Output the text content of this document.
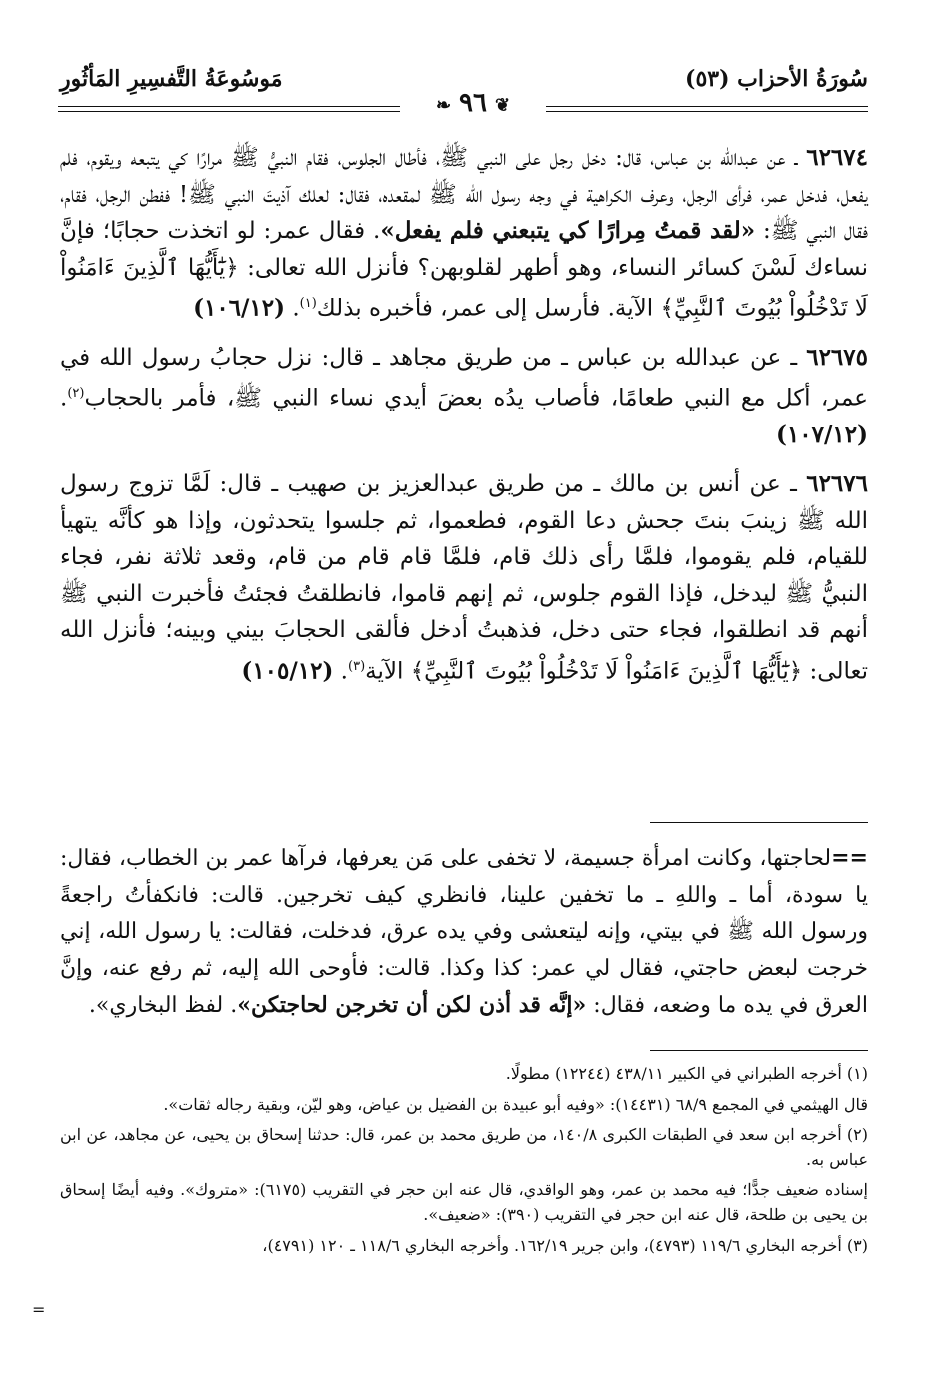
سُورَةُ الأحزاب (٥٣)
مَوسُوعَةُ التَّفسِيرِ المَأثُورِ
❦٩٦❧

٦٢٦٧٤ ـ عن عبدالله بن عباس، قال: دخل رجل على النبي ﷺ، فأطال الجلوس، فقام النبيُّ ﷺ مرارًا كي يتبعه ويقوم، فلم يفعل، فدخل عمر، فرأى الرجل، وعرف الكراهية في وجه رسول الله ﷺ لمقعده، فقال: لعلك آذيتَ النبي ﷺ! ففطن الرجل، فقام، فقال النبي ﷺ: «لقد قمتُ مِرارًا كي يتبعني فلم يفعل». فقال عمر: لو اتخذت حجابًا؛ فإنَّ نساءك لَسْنَ كسائر النساء، وهو أطهر لقلوبهن؟ فأنزل الله تعالى: ﴿يَٰٓأَيُّهَا ٱلَّذِينَ ءَامَنُواْ لَا تَدْخُلُواْ بُيُوتَ ٱلنَّبِيِّ﴾ الآية. فأرسل إلى عمر، فأخبره بذلك$^{(١)}$. (١٠٦/١٢)

٦٢٦٧٥ ـ عن عبدالله بن عباس ـ من طريق مجاهد ـ قال: نزل حجابُ رسول الله في عمر، أكل مع النبي طعامًا، فأصاب يدُه بعضَ أيدي نساء النبي ﷺ، فأمر بالحجاب$^{(٢)}$. (١٠٧/١٢)

٦٢٦٧٦ ـ عن أنس بن مالك ـ من طريق عبدالعزيز بن صهيب ـ قال: لَمَّا تزوج رسول الله ﷺ زينبَ بنتَ جحش دعا القوم، فطعموا، ثم جلسوا يتحدثون، وإذا هو كأنَّه يتهيأ للقيام، فلم يقوموا، فلمَّا رأى ذلك قام، فلمَّا قام قام من قام، وقعد ثلاثة نفر، فجاء النبيُّ ﷺ ليدخل، فإذا القوم جلوس، ثم إنهم قاموا، فانطلقتُ فجئتُ فأخبرت النبي ﷺ أنهم قد انطلقوا، فجاء حتى دخل، فذهبتُ أدخل فألقى الحجابَ بيني وبينه؛ فأنزل الله تعالى: ﴿يَٰٓأَيُّهَا ٱلَّذِينَ ءَامَنُواْ لَا تَدْخُلُواْ بُيُوتَ ٱلنَّبِيِّ﴾ الآية$^{(٣)}$. (١٠٥/١٢)

==لحاجتها، وكانت امرأة جسيمة، لا تخفى على مَن يعرفها، فرآها عمر بن الخطاب، فقال: يا سودة، أما ـ واللهِ ـ ما تخفين علينا، فانظري كيف تخرجين. قالت: فانكفأتُ راجعةً ورسول الله ﷺ في بيتي، وإنه ليتعشى وفي يده عرق، فدخلت، فقالت: يا رسول الله، إني خرجت لبعض حاجتي، فقال لي عمر: كذا وكذا. قالت: فأوحى الله إليه، ثم رفع عنه، وإنَّ العرق في يده ما وضعه، فقال: «إنَّه قد أذن لكن أن تخرجن لحاجتكن». لفظ البخاري».

(١) أخرجه الطبراني في الكبير ٤٣٨/١١ (١٢٢٤٤) مطولًا.

قال الهيثمي في المجمع ٦٨/٩ (١٤٤٣١): «وفيه أبو عبيدة بن الفضيل بن عياض، وهو ليّن، وبقية رجاله ثقات».

(٢) أخرجه ابن سعد في الطبقات الكبرى ١٤٠/٨، من طريق محمد بن عمر، قال: حدثنا إسحاق بن يحيى، عن مجاهد، عن ابن عباس به.

إسناده ضعيف جدًّا؛ فيه محمد بن عمر، وهو الواقدي، قال عنه ابن حجر في التقريب (٦١٧٥): «متروك». وفيه أيضًا إسحاق بن يحيى بن طلحة، قال عنه ابن حجر في التقريب (٣٩٠): «ضعيف».

(٣) أخرجه البخاري ١١٩/٦ (٤٧٩٣)، وابن جرير ١٦٢/١٩. وأخرجه البخاري ١١٨/٦ ـ ١٢٠ (٤٧٩١)،

=
